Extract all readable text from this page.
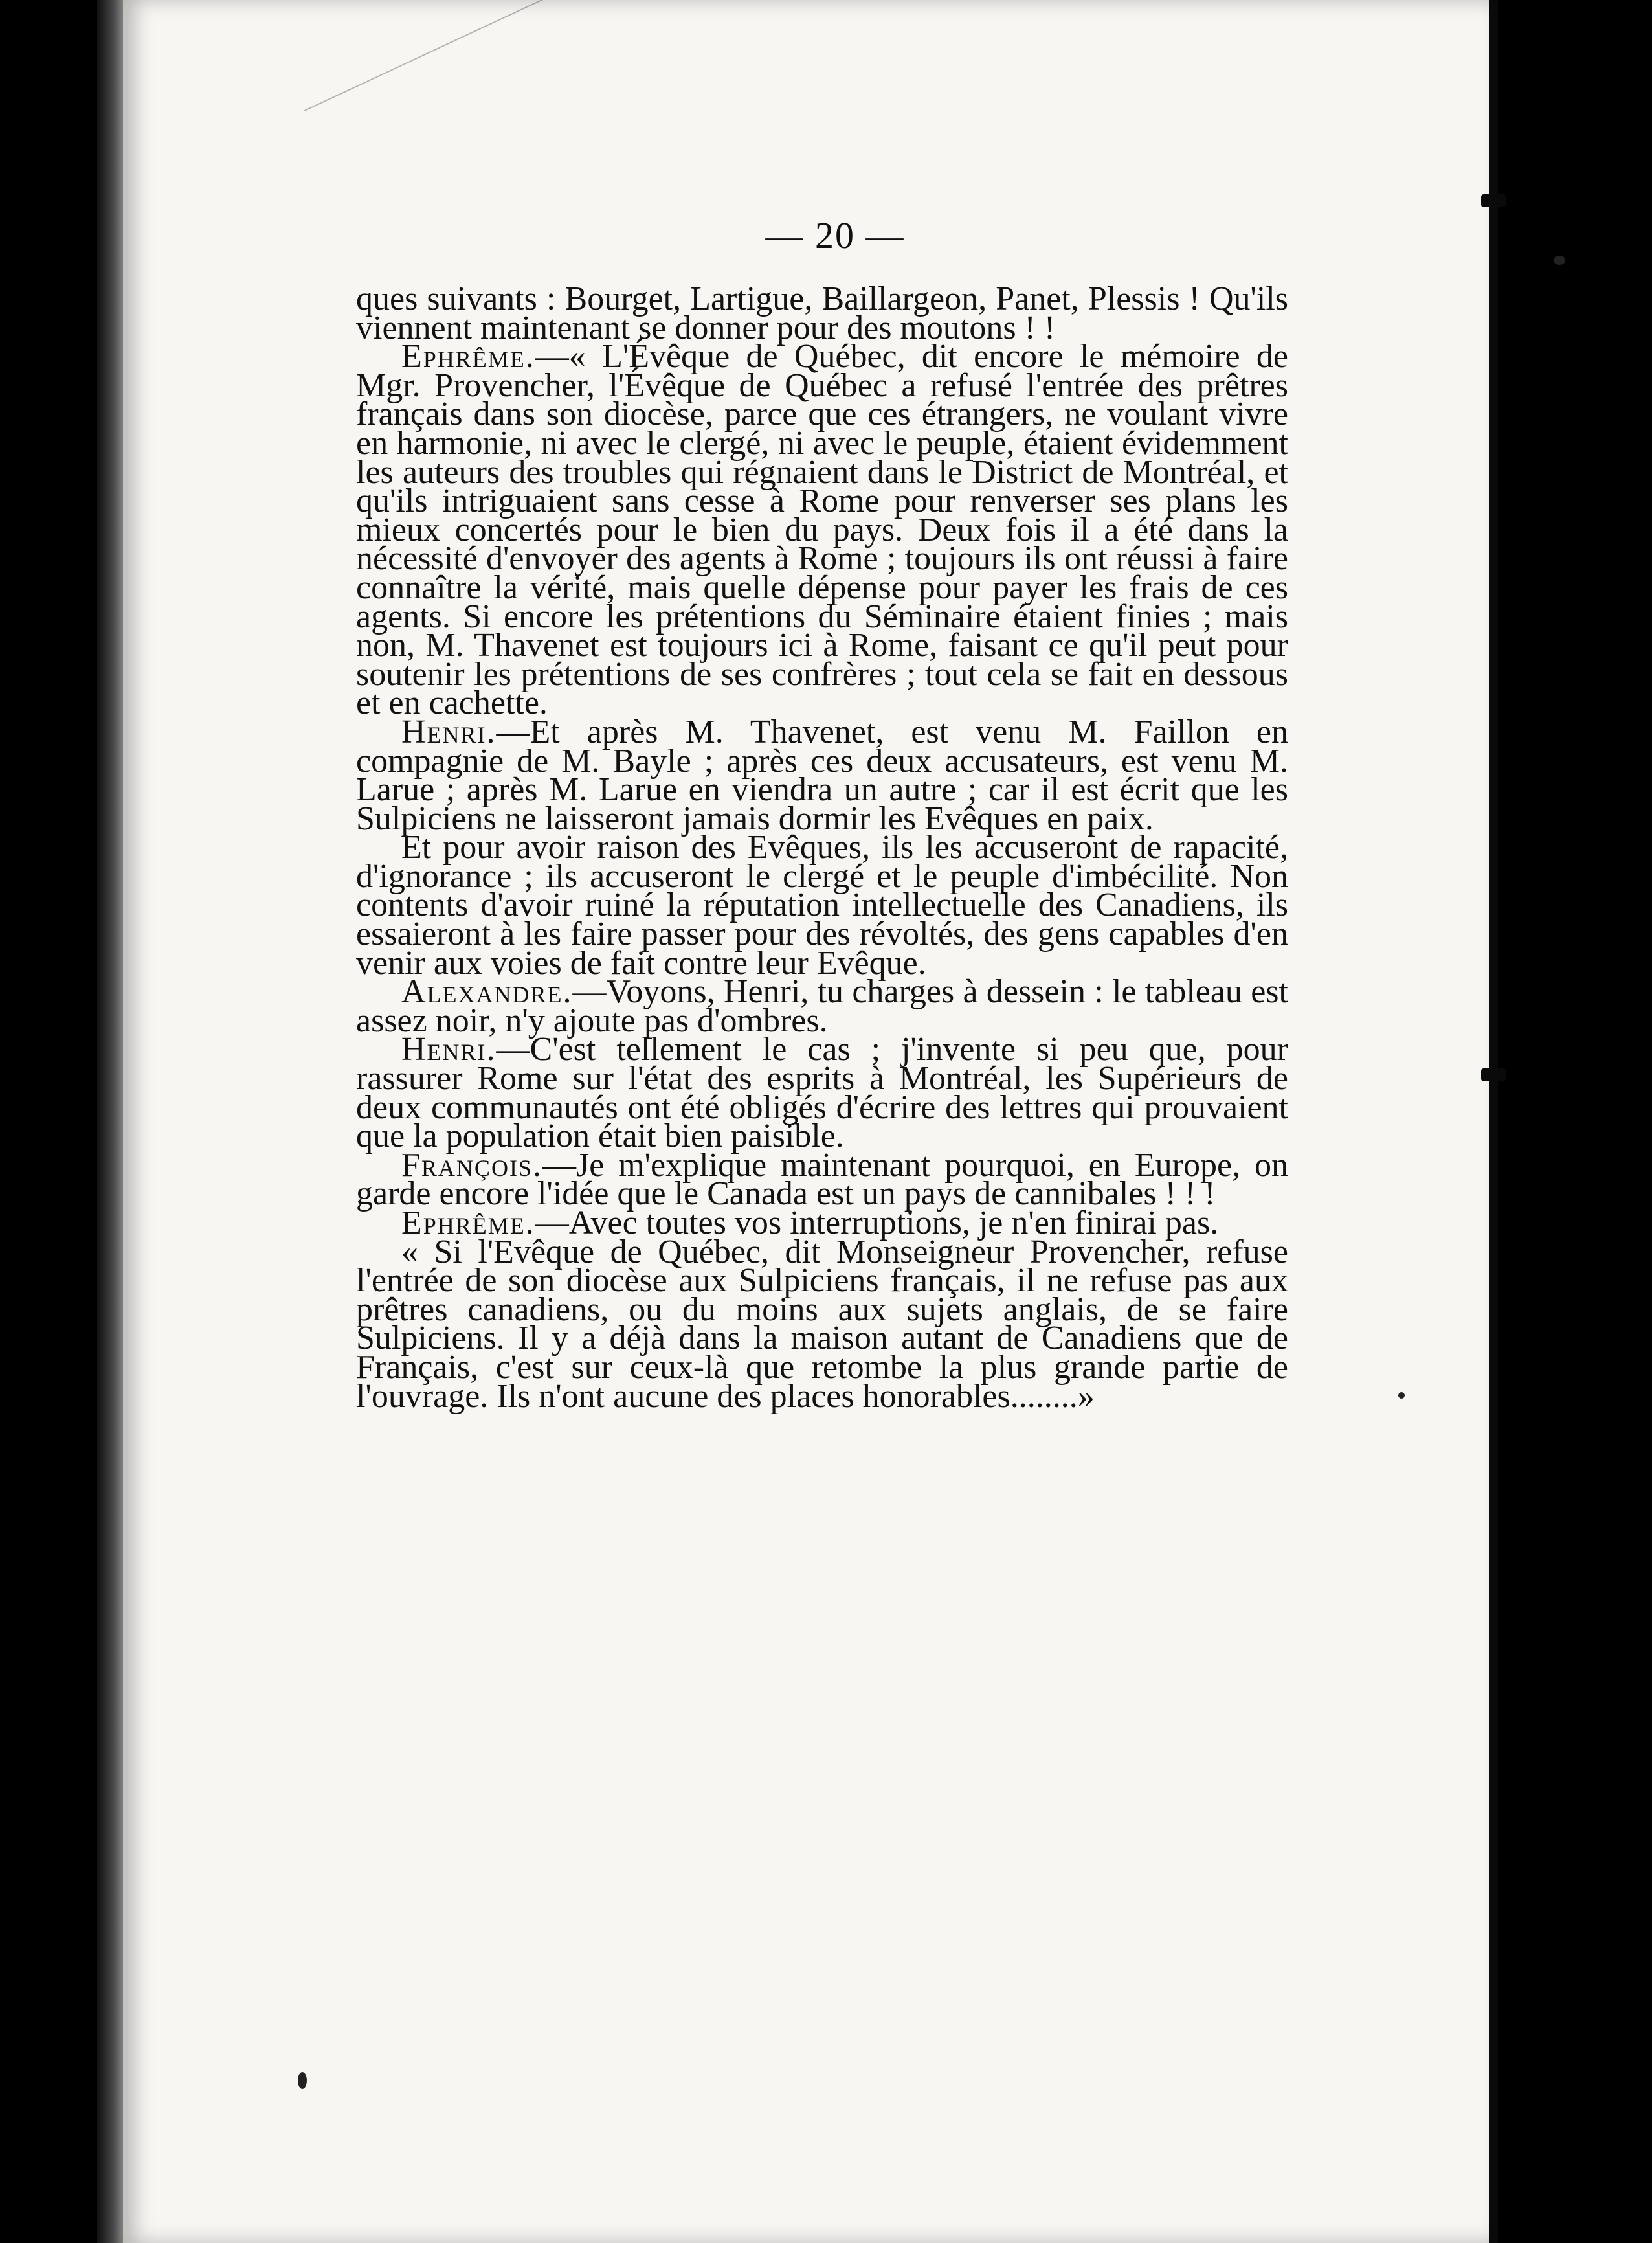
— 20 —

ques suivants : Bourget, Lartigue, Baillargeon, Panet, Plessis ! Qu'ils viennent maintenant se donner pour des moutons ! !

Ephrême.—« L'Évêque de Québec, dit encore le mémoire de Mgr. Provencher, l'Évêque de Québec a refusé l'entrée des prêtres français dans son diocèse, parce que ces étrangers, ne voulant vivre en harmonie, ni avec le clergé, ni avec le peuple, étaient évidemment les auteurs des troubles qui régnaient dans le District de Montréal, et qu'ils intriguaient sans cesse à Rome pour renverser ses plans les mieux concertés pour le bien du pays. Deux fois il a été dans la nécessité d'envoyer des agents à Rome ; toujours ils ont réussi à faire connaître la vérité, mais quelle dépense pour payer les frais de ces agents. Si encore les prétentions du Séminaire étaient finies ; mais non, M. Thavenet est toujours ici à Rome, faisant ce qu'il peut pour soutenir les prétentions de ses confrères ; tout cela se fait en dessous et en cachette.

Henri.—Et après M. Thavenet, est venu M. Faillon en compagnie de M. Bayle ; après ces deux accusateurs, est venu M. Larue ; après M. Larue en viendra un autre ; car il est écrit que les Sulpiciens ne laisseront jamais dormir les Evêques en paix.

Et pour avoir raison des Evêques, ils les accuseront de rapacité, d'ignorance ; ils accuseront le clergé et le peuple d'imbécilité. Non contents d'avoir ruiné la réputation intellectuelle des Canadiens, ils essaieront à les faire passer pour des révoltés, des gens capables d'en venir aux voies de fait contre leur Evêque.

Alexandre.—Voyons, Henri, tu charges à dessein : le tableau est assez noir, n'y ajoute pas d'ombres.

Henri.—C'est tellement le cas ; j'invente si peu que, pour rassurer Rome sur l'état des esprits à Montréal, les Supérieurs de deux communautés ont été obligés d'écrire des lettres qui prouvaient que la population était bien paisible.

François.—Je m'explique maintenant pourquoi, en Europe, on garde encore l'idée que le Canada est un pays de cannibales ! ! !

Ephrême.—Avec toutes vos interruptions, je n'en finirai pas.

« Si l'Evêque de Québec, dit Monseigneur Provencher, refuse l'entrée de son diocèse aux Sulpiciens français, il ne refuse pas aux prêtres canadiens, ou du moins aux sujets anglais, de se faire Sulpiciens. Il y a déjà dans la maison autant de Canadiens que de Français, c'est sur ceux-là que retombe la plus grande partie de l'ouvrage. Ils n'ont aucune des places honorables........»
